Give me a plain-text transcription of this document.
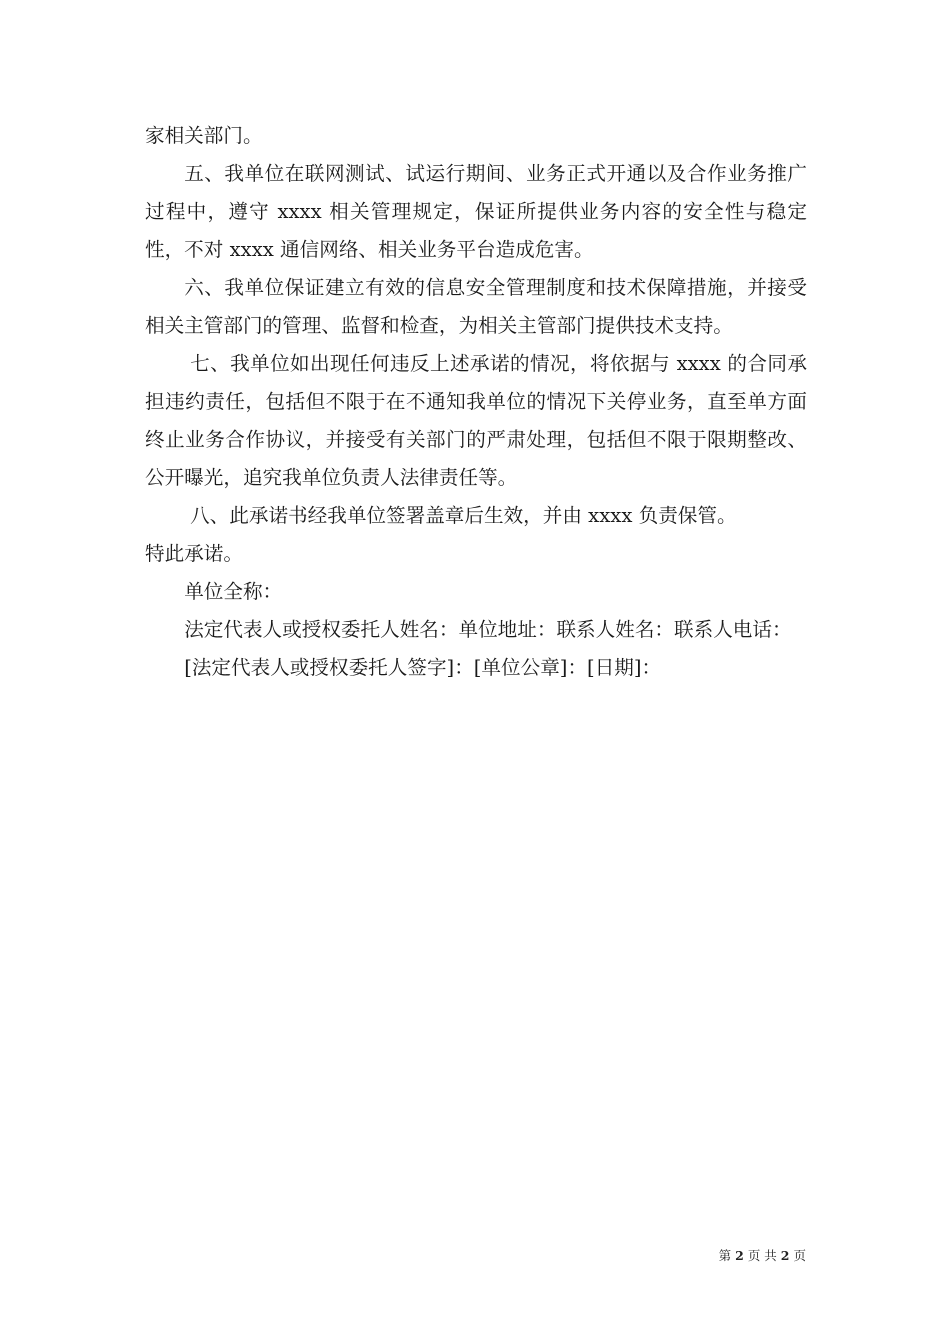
家相关部门。

五、我单位在联网测试、试运行期间、业务正式开通以及合作业务推广过程中，遵守 xxxx 相关管理规定，保证所提供业务内容的安全性与稳定性，不对 xxxx 通信网络、相关业务平台造成危害。

六、我单位保证建立有效的信息安全管理制度和技术保障措施，并接受相关主管部门的管理、监督和检查，为相关主管部门提供技术支持。

七、我单位如出现任何违反上述承诺的情况，将依据与 xxxx 的合同承担违约责任，包括但不限于在不通知我单位的情况下关停业务，直至单方面终止业务合作协议，并接受有关部门的严肃处理，包括但不限于限期整改、公开曝光，追究我单位负责人法律责任等。

八、此承诺书经我单位签署盖章后生效，并由 xxxx 负责保管。

特此承诺。

单位全称：

法定代表人或授权委托人姓名：单位地址：联系人姓名：联系人电话：

[法定代表人或授权委托人签字]：[单位公章]：[日期]：

第 2 页 共 2 页
